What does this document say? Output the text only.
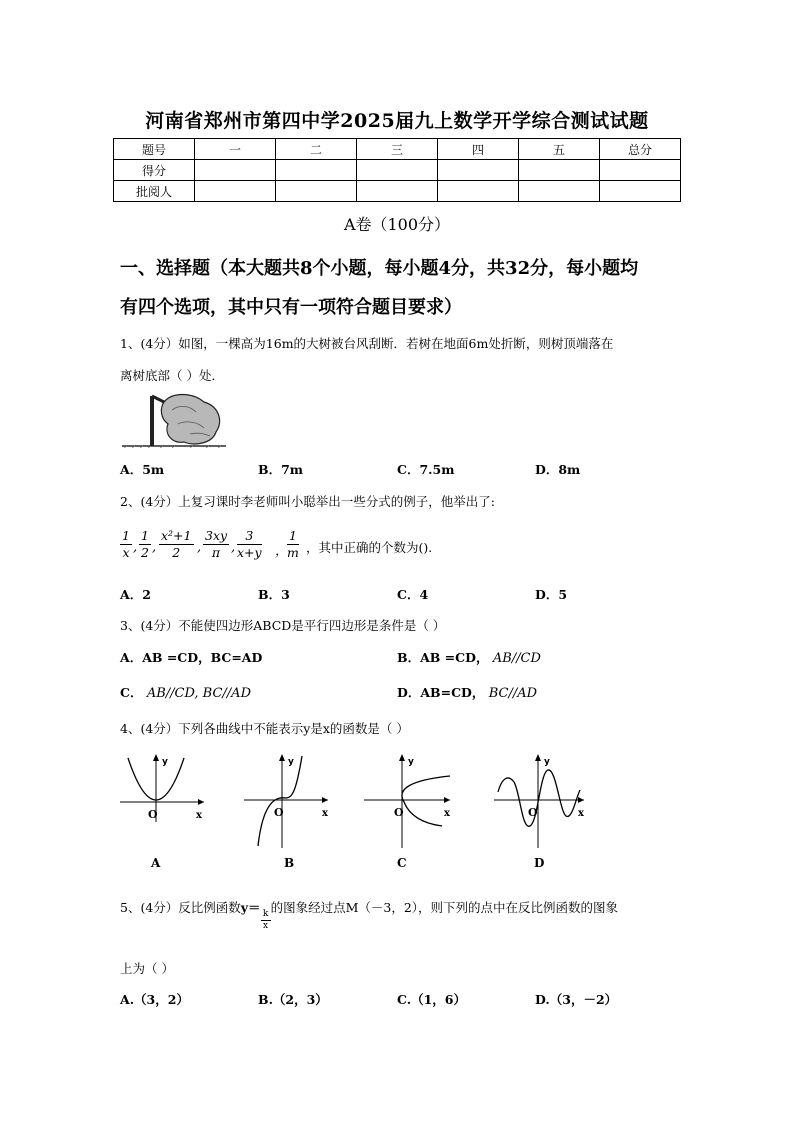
河南省郑州市第四中学2025届九上数学开学综合测试试题
题号	一	二	三	四	五	总分
得分						
批阅人						
A卷（100分）
一、选择题（本大题共8个小题，每小题4分，共32分，每小题均
有四个选项，其中只有一项符合题目要求）
1、(4分）如图，一棵高为16m的大树被台风刮断．若树在地面6m处折断，则树顶端落在
离树底部（ ）处．
A．5m	B．7m	C．7.5m	D．8m
2、(4分）上复习课时李老师叫小聪举出一些分式的例子，他举出了:
$\frac{1}{x}$ , $\frac{1}{2}$ , $\frac{\text{x²+1}}{2}$ , $\frac{3xy}{\pi}$ , $\frac{3}{x+y}$ ，
$\frac{1}{m}$ ，其中正确的个数为().
A．2	B．3	C．4	D．5
3、(4分）不能使四边形ABCD是平行四边形是条件是（ ）
A．AB =CD，BC=AD	B．AB =CD， AB//CD
C． AB//CD, BC//AD	D．AB=CD， BC//AD
4、(4分）下列各曲线中不能表示y是x的函数是（ ）
y
x
O
A
y
x
O
B
y
x
O
C
y
x
O
D
5、(4分）反比例函数y＝
$\frac{k}{x}$
的图象经过点M（－3，2），则下列的点中在反比例函数的图象
上为（ ）
A.（3，2）	B.（2，3）	C.（1，6）	D.（3，－2）
